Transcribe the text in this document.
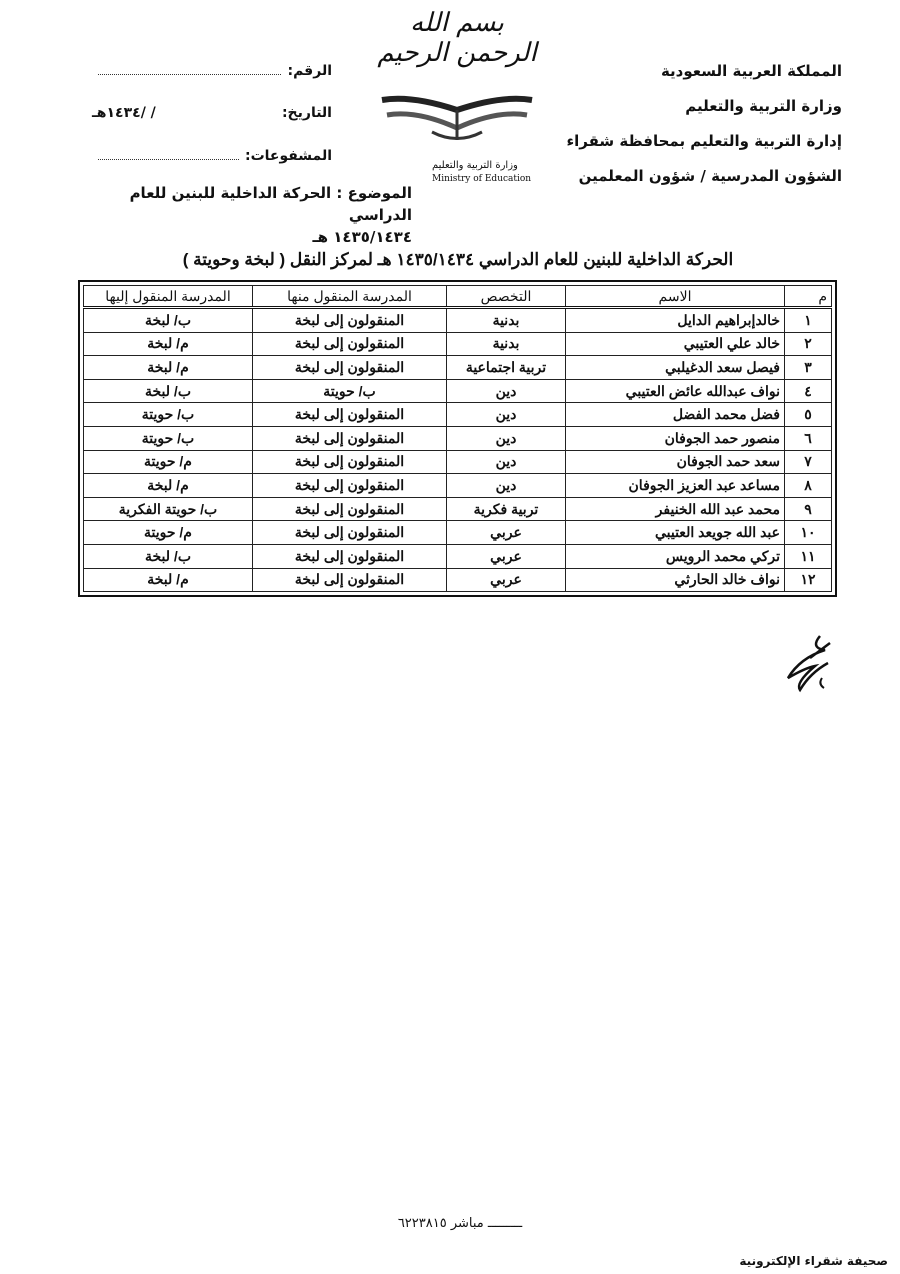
المملكة العربية السعودية
وزارة التربية والتعليم
إدارة التربية والتعليم بمحافظة شقراء
الشؤون المدرسية / شؤون المعلمين
بسم الله الرحمن الرحيم
وزارة التربية والتعليم
Ministry of Education
الرقم:
التاريخ:
/ /١٤٣٤هـ
المشفوعات:
الموضوع : الحركة الداخلية للبنين للعام الدراسي
١٤٣٥/١٤٣٤ هـ
الحركة الداخلية للبنين للعام الدراسي ١٤٣٥/١٤٣٤ هـ لمركز النقل ( لبخة وحويتة )
م	الاسم	التخصص	المدرسة المنقول منها	المدرسة المنقول إليها
١	خالدإبراهيم الدايل	بدنية	المنقولون إلى لبخة	ب/ لبخة
٢	خالد علي العتيبي	بدنية	المنقولون إلى لبخة	م/ لبخة
٣	فيصل سعد الدغيلبي	تربية اجتماعية	المنقولون إلى لبخة	م/ لبخة
٤	نواف عبدالله عائض العتيبي	دين	ب/ حويتة	ب/ لبخة
٥	فضل محمد الفضل	دين	المنقولون إلى لبخة	ب/ حويتة
٦	منصور حمد الجوفان	دين	المنقولون إلى لبخة	ب/ حويتة
٧	سعد حمد الجوفان	دين	المنقولون إلى لبخة	م/ حويتة
٨	مساعد عبد العزيز الجوفان	دين	المنقولون إلى لبخة	م/ لبخة
٩	محمد عبد الله الخنيفر	تربية فكرية	المنقولون إلى لبخة	ب/ حويتة الفكرية
١٠	عبد الله جويعد العتيبي	عربي	المنقولون إلى لبخة	م/ حويتة
١١	تركي محمد الرويس	عربي	المنقولون إلى لبخة	ب/ لبخة
١٢	نواف خالد الحارثي	عربي	المنقولون إلى لبخة	م/ لبخة
ـــــــــ مباشر ٦٢٢٣٨١٥
صحيفة شقراء الإلكترونية
